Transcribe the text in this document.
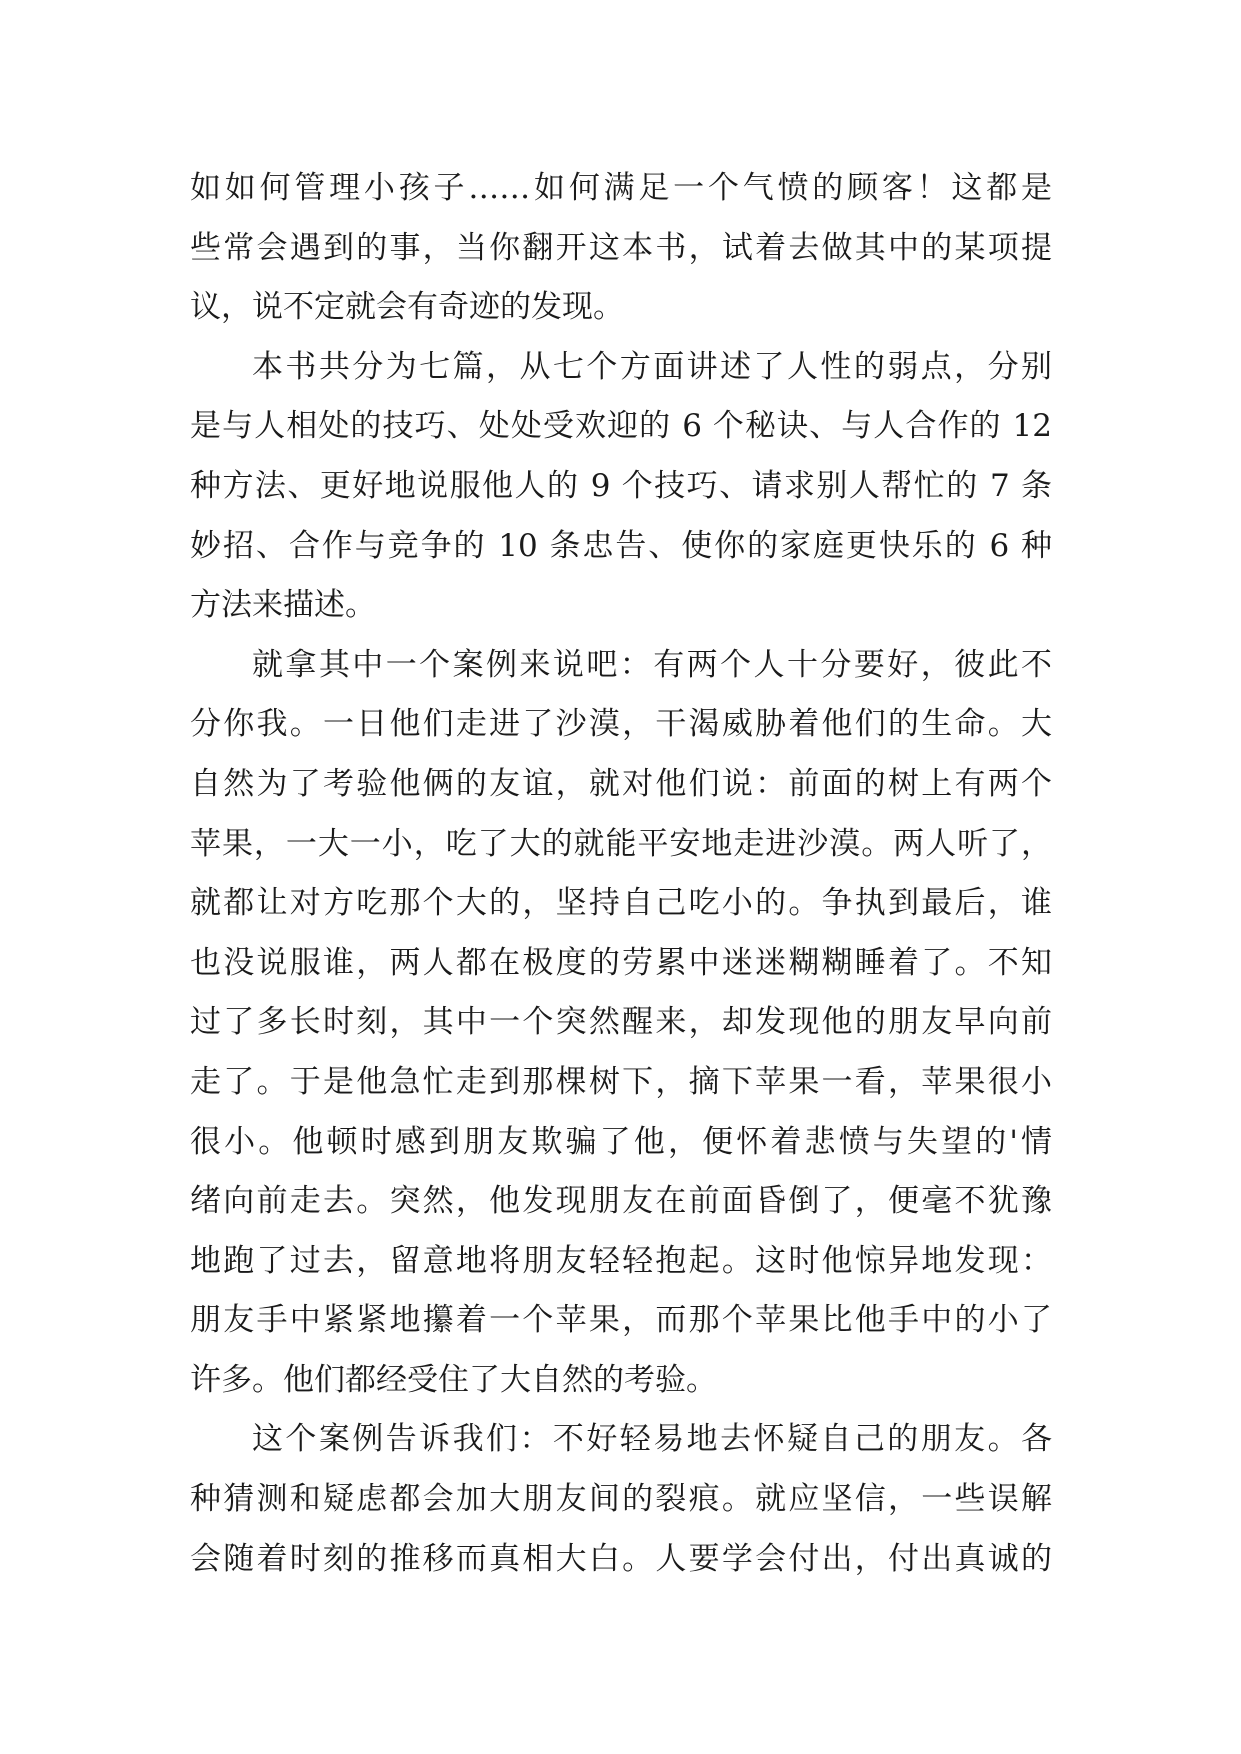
如如何管理小孩子……如何满足一个气愤的顾客！这都是
些常会遇到的事，当你翻开这本书，试着去做其中的某项提
议，说不定就会有奇迹的发现。
本书共分为七篇，从七个方面讲述了人性的弱点，分别
是与人相处的技巧、处处受欢迎的 6 个秘诀、与人合作的 12
种方法、更好地说服他人的 9 个技巧、请求别人帮忙的 7 条
妙招、合作与竞争的 10 条忠告、使你的家庭更快乐的 6 种
方法来描述。
就拿其中一个案例来说吧：有两个人十分要好，彼此不
分你我。一日他们走进了沙漠，干渴威胁着他们的生命。大
自然为了考验他俩的友谊，就对他们说：前面的树上有两个
苹果，一大一小，吃了大的就能平安地走进沙漠。两人听了，
就都让对方吃那个大的，坚持自己吃小的。争执到最后，谁
也没说服谁，两人都在极度的劳累中迷迷糊糊睡着了。不知
过了多长时刻，其中一个突然醒来，却发现他的朋友早向前
走了。于是他急忙走到那棵树下，摘下苹果一看，苹果很小
很小。他顿时感到朋友欺骗了他，便怀着悲愤与失望的'情
绪向前走去。突然，他发现朋友在前面昏倒了，便毫不犹豫
地跑了过去，留意地将朋友轻轻抱起。这时他惊异地发现：
朋友手中紧紧地攥着一个苹果，而那个苹果比他手中的小了
许多。他们都经受住了大自然的考验。
这个案例告诉我们：不好轻易地去怀疑自己的朋友。各
种猜测和疑虑都会加大朋友间的裂痕。就应坚信，一些误解
会随着时刻的推移而真相大白。人要学会付出，付出真诚的
